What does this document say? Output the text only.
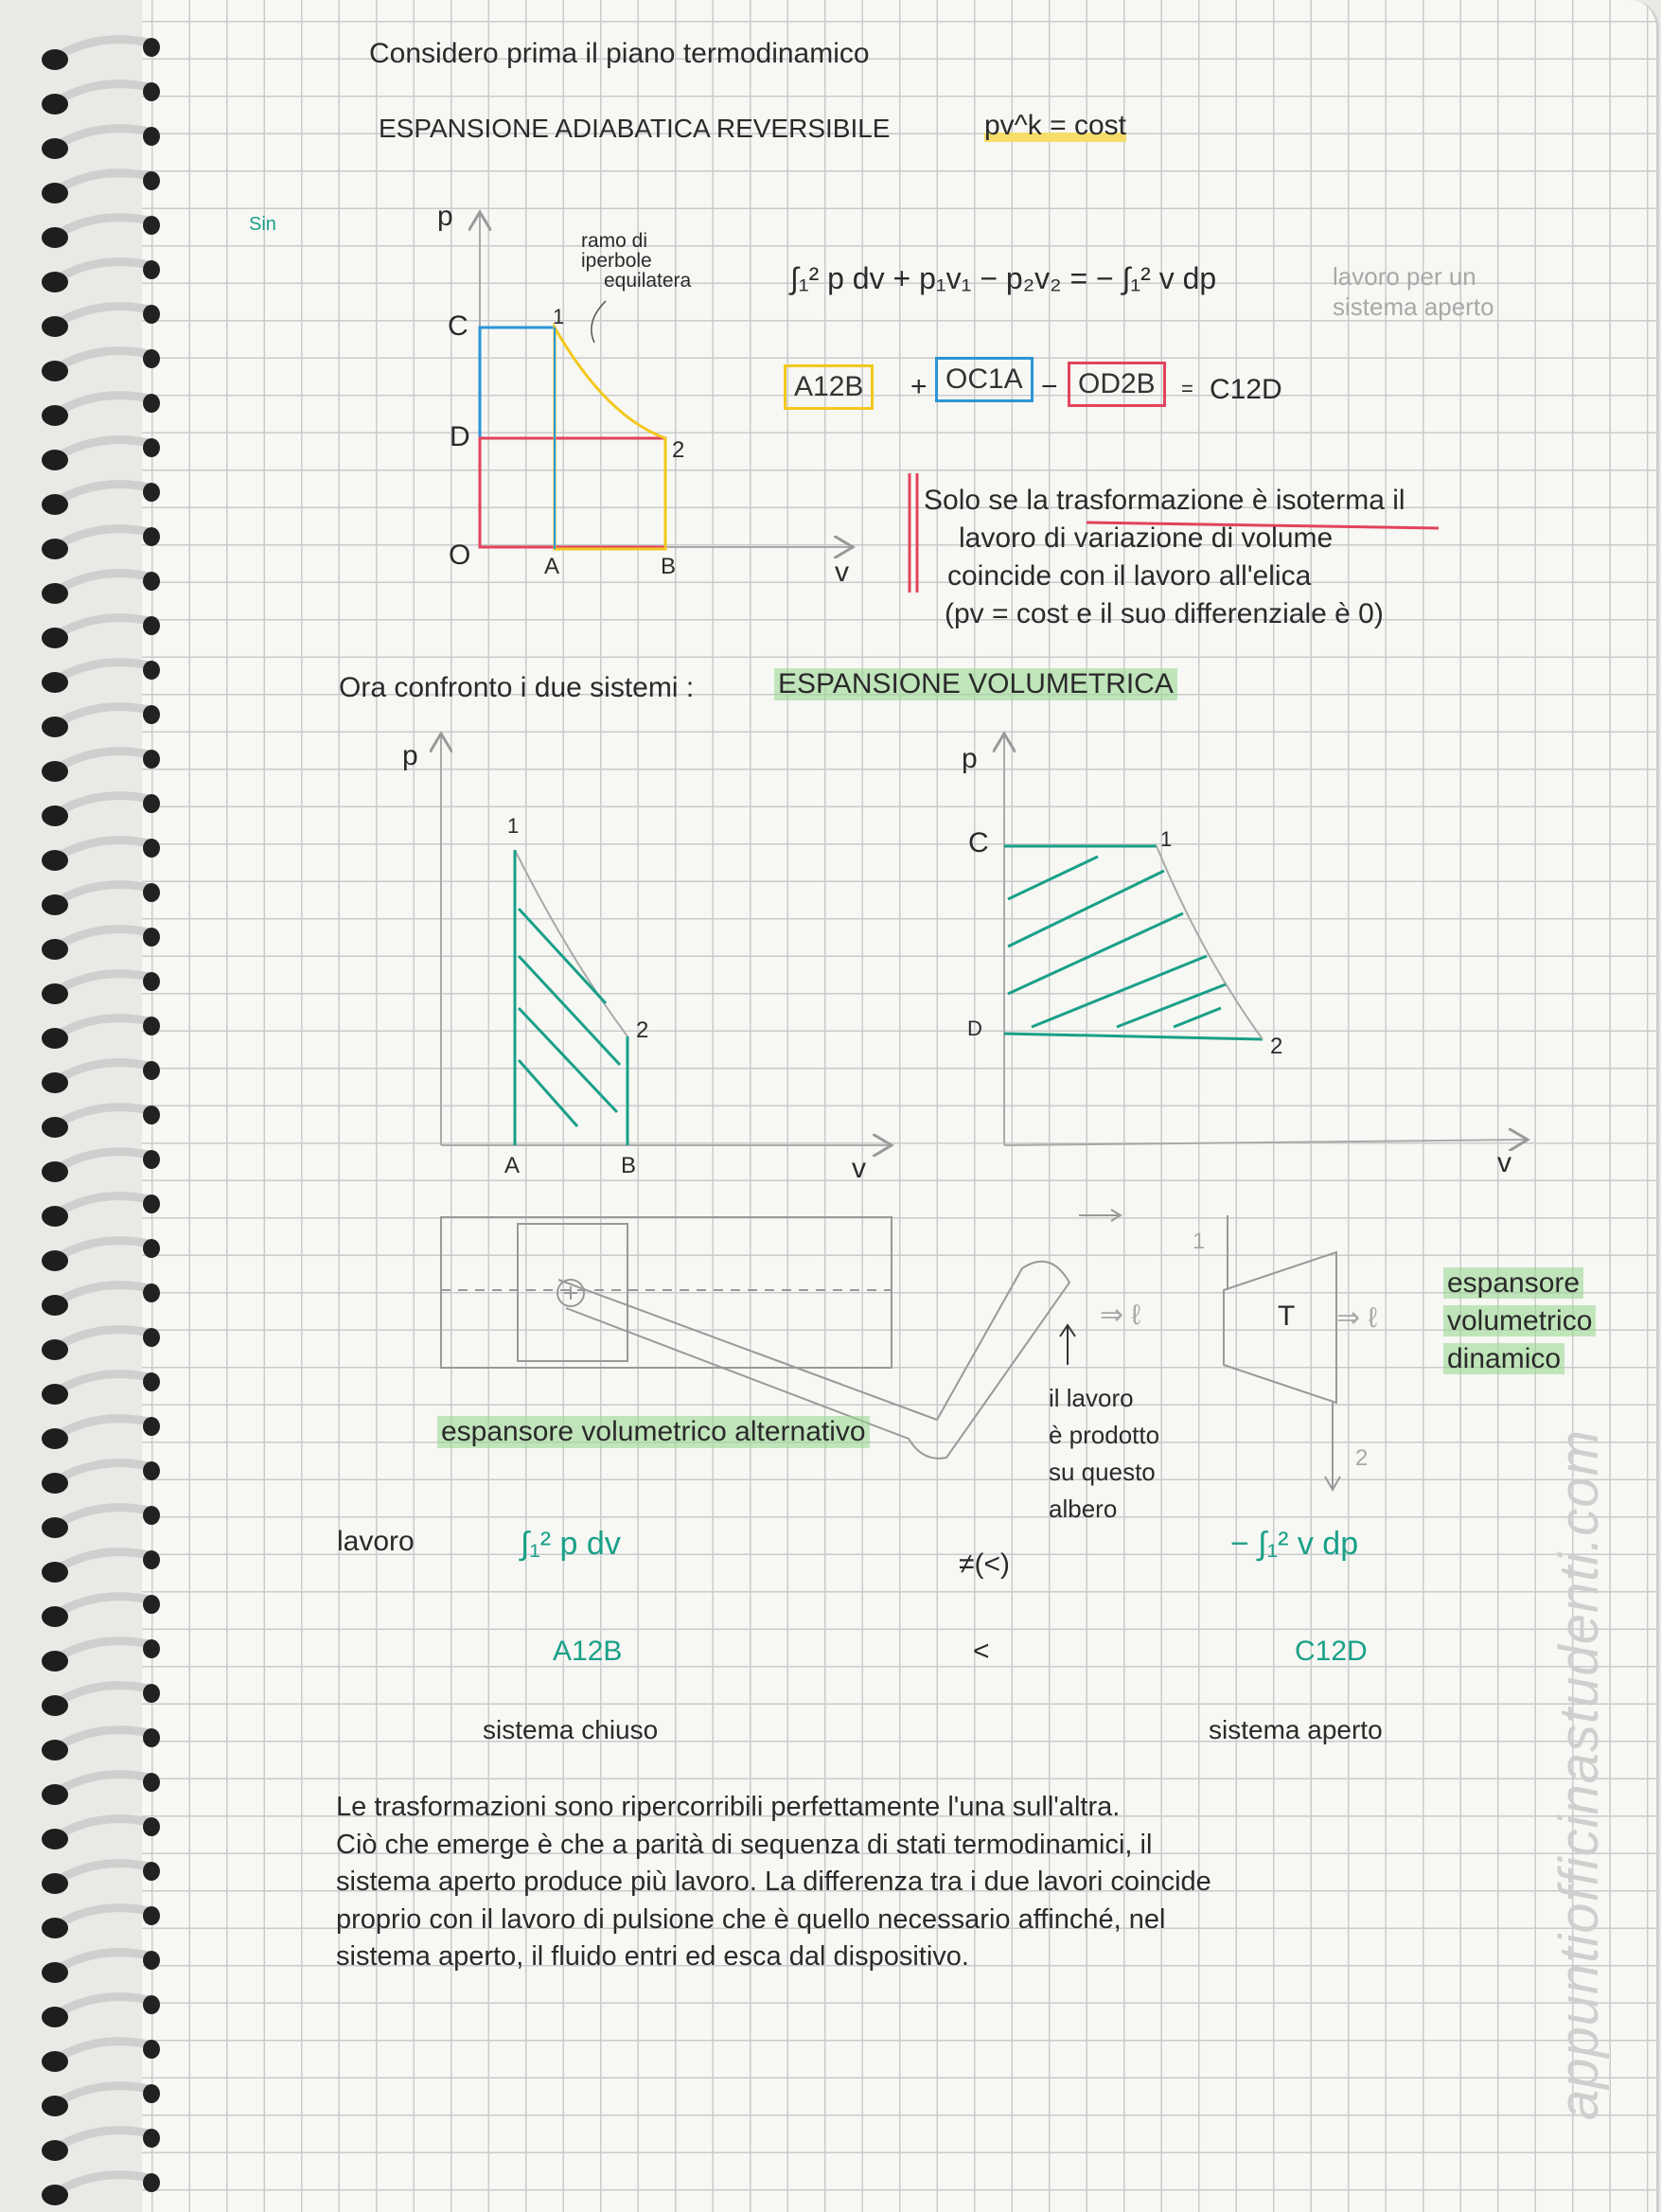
Considero prima il piano termodinamico
ESPANSIONE ADIABATICA REVERSIBILE	pv^k = cost
Sin	p
v
C
D
O	A	B
1
2
ramo di
iperbole
equilatera	∫₁² p dv + p₁v₁ − p₂v₂ = − ∫₁² v dp	lavoro per un
sistema aperto
A12B	+ OC1A − OD2B	= C12D
Solo se la trasformazione è isoterma il
lavoro di variazione di volume
coincide con il lavoro all'elica
(pv = cost e il suo differenziale è 0)
Ora confronto i due sistemi :	ESPANSIONE VOLUMETRICA
p
v
1
2
A	B
p
v
C
D
1
2
⇒ ℓ
il lavoro
è prodotto
su questo
albero
espansore volumetrico alternativo
T
1
2
⇒ ℓ
espansore
volumetrico
dinamico
lavoro	∫₁² p dv
≠(<)
− ∫₁² v dp
A12B	<	C12D
sistema chiuso	sistema aperto
Le trasformazioni sono ripercorribili perfettamente l'una sull'altra.
Ciò che emerge è che a parità di sequenza di stati termodinamici, il
sistema aperto produce più lavoro. La differenza tra i due lavori coincide
proprio con il lavoro di pulsione che è quello necessario affinché, nel
sistema aperto, il fluido entri ed esca dal dispositivo.	appuntiofficinastudenti.com
